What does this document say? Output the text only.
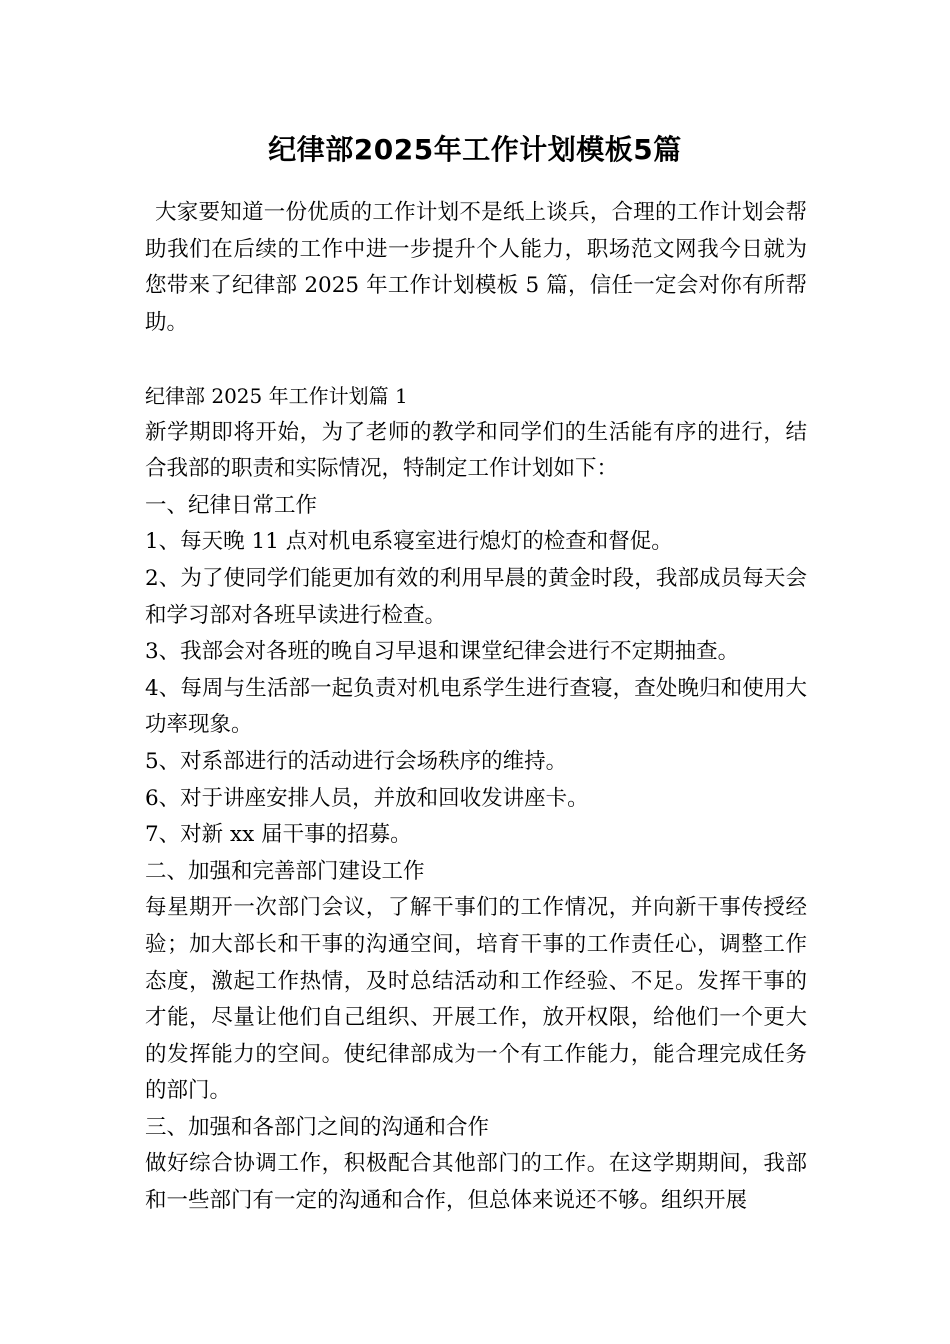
纪律部2025年工作计划模板5篇

大家要知道一份优质的工作计划不是纸上谈兵，合理的工作计划会帮助我们在后续的工作中进一步提升个人能力，职场范文网我今日就为您带来了纪律部 2025 年工作计划模板 5 篇，信任一定会对你有所帮助。

纪律部 2025 年工作计划篇 1

新学期即将开始，为了老师的教学和同学们的生活能有序的进行，结合我部的职责和实际情况，特制定工作计划如下：

一、纪律日常工作

1、每天晚 11 点对机电系寝室进行熄灯的检查和督促。

2、为了使同学们能更加有效的利用早晨的黄金时段，我部成员每天会和学习部对各班早读进行检查。

3、我部会对各班的晚自习早退和课堂纪律会进行不定期抽查。

4、每周与生活部一起负责对机电系学生进行查寝，查处晚归和使用大功率现象。

5、对系部进行的活动进行会场秩序的维持。

6、对于讲座安排人员，并放和回收发讲座卡。

7、对新 xx 届干事的招募。

二、加强和完善部门建设工作

每星期开一次部门会议，了解干事们的工作情况，并向新干事传授经验；加大部长和干事的沟通空间，培育干事的工作责任心，调整工作态度，激起工作热情，及时总结活动和工作经验、不足。发挥干事的才能，尽量让他们自己组织、开展工作，放开权限，给他们一个更大的发挥能力的空间。使纪律部成为一个有工作能力，能合理完成任务的部门。

三、加强和各部门之间的沟通和合作

做好综合协调工作，积极配合其他部门的工作。在这学期期间，我部和一些部门有一定的沟通和合作，但总体来说还不够。组织开展
